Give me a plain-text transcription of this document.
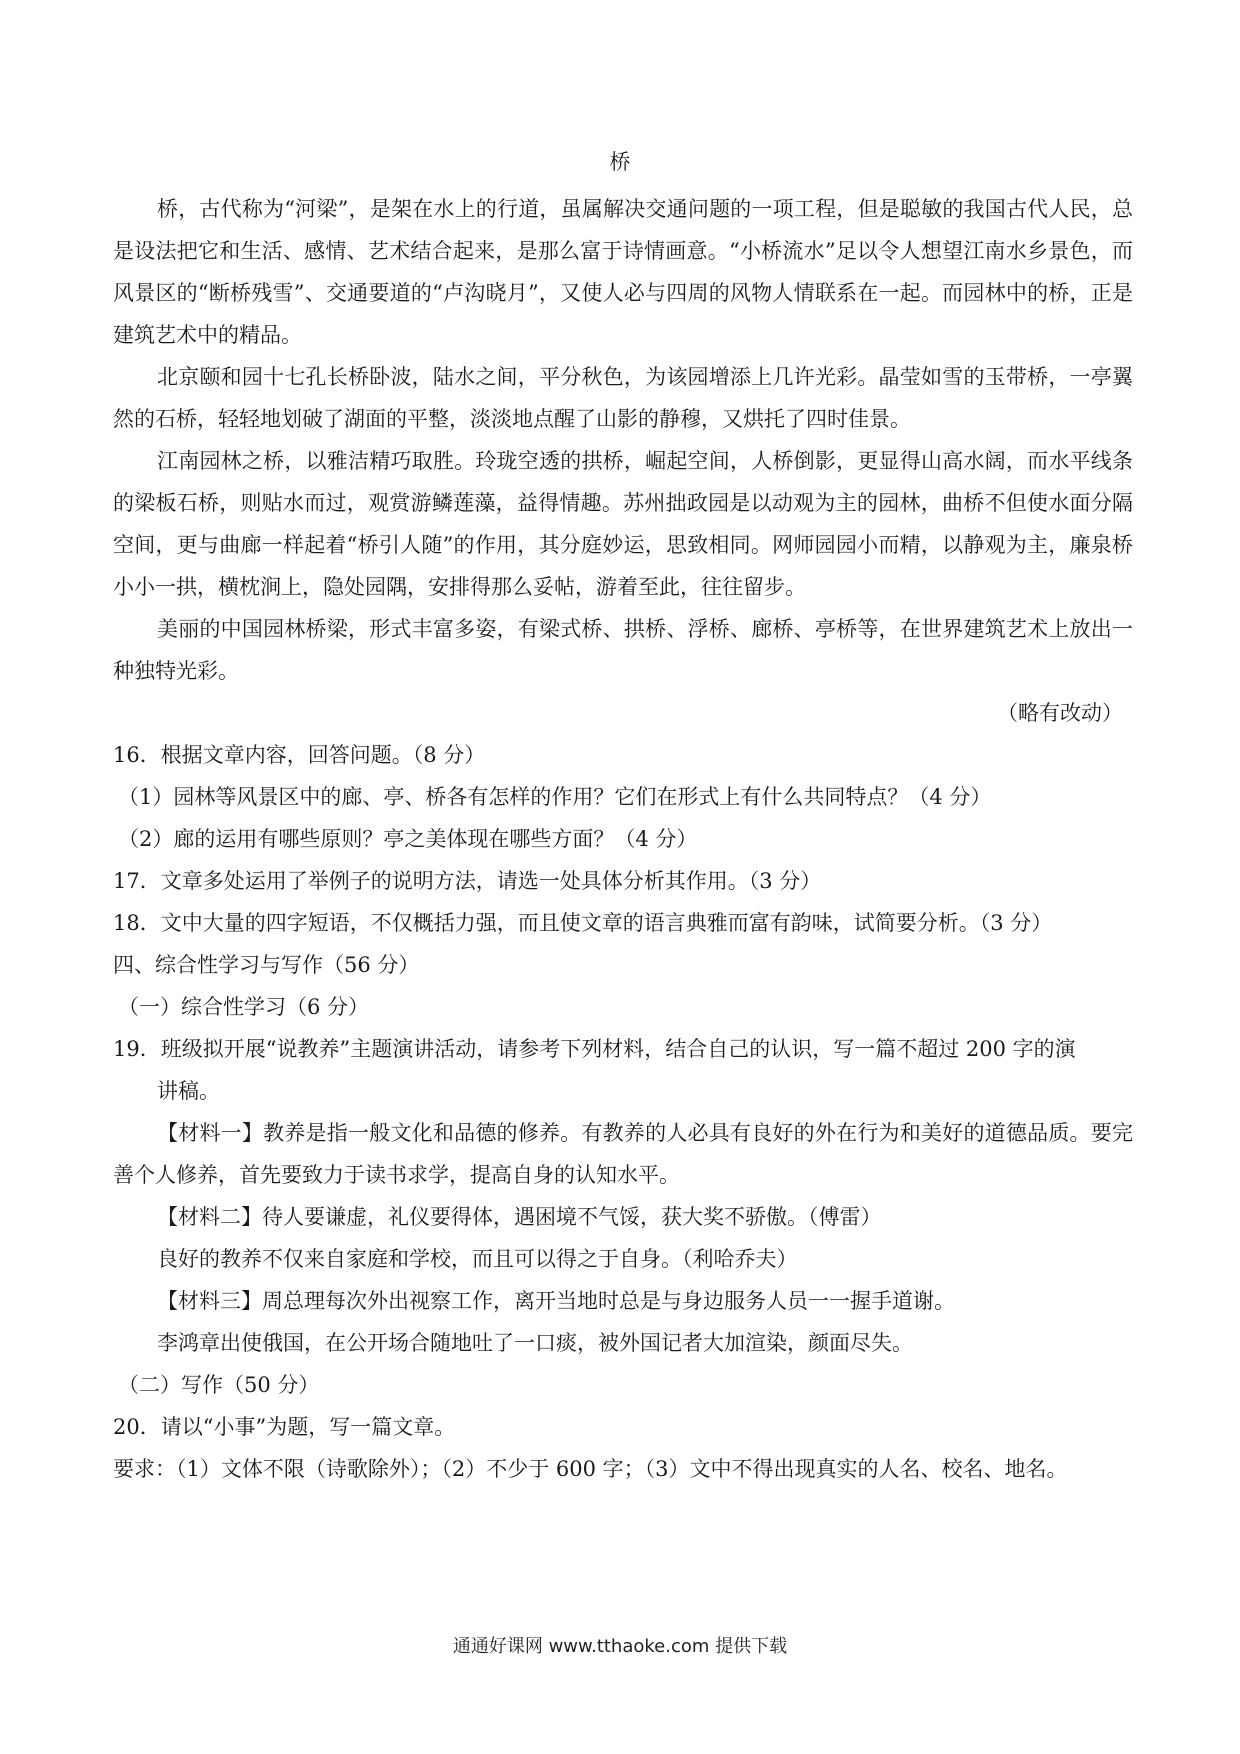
桥

桥，古代称为“河梁”，是架在水上的行道，虽属解决交通问题的一项工程，但是聪敏的我国古代人民，总是设法把它和生活、感情、艺术结合起来，是那么富于诗情画意。“小桥流水”足以令人想望江南水乡景色，而风景区的“断桥残雪”、交通要道的“卢沟晓月”，又使人必与四周的风物人情联系在一起。而园林中的桥，正是建筑艺术中的精品。

北京颐和园十七孔长桥卧波，陆水之间，平分秋色，为该园增添上几许光彩。晶莹如雪的玉带桥，一亭翼然的石桥，轻轻地划破了湖面的平整，淡淡地点醒了山影的静穆，又烘托了四时佳景。

江南园林之桥，以雅洁精巧取胜。玲珑空透的拱桥，崛起空间，人桥倒影，更显得山高水阔，而水平线条的梁板石桥，则贴水而过，观赏游鳞莲藻，益得情趣。苏州拙政园是以动观为主的园林，曲桥不但使水面分隔空间，更与曲廊一样起着“桥引人随”的作用，其分庭妙运，思致相同。网师园园小而精，以静观为主，廉泉桥小小一拱，横枕涧上，隐处园隅，安排得那么妥帖，游着至此，往往留步。

美丽的中国园林桥梁，形式丰富多姿，有梁式桥、拱桥、浮桥、廊桥、亭桥等，在世界建筑艺术上放出一种独特光彩。

（略有改动）
16．根据文章内容，回答问题。（8 分）
（1）园林等风景区中的廊、亭、桥各有怎样的作用？它们在形式上有什么共同特点？（4 分）
（2）廊的运用有哪些原则？亭之美体现在哪些方面？（4 分）
17．文章多处运用了举例子的说明方法，请选一处具体分析其作用。（3 分）
18．文中大量的四字短语，不仅概括力强，而且使文章的语言典雅而富有韵味，试简要分析。（3 分）
四、综合性学习与写作（56 分）
（一）综合性学习（6 分）
19．班级拟开展“说教养”主题演讲活动，请参考下列材料，结合自己的认识，写一篇不超过 200 字的演
讲稿。

【材料一】教养是指一般文化和品德的修养。有教养的人必具有良好的外在行为和美好的道德品质。要完善个人修养，首先要致力于读书求学，提高自身的认知水平。

【材料二】待人要谦虚，礼仪要得体，遇困境不气馁，获大奖不骄傲。（傅雷）
良好的教养不仅来自家庭和学校，而且可以得之于自身。（利哈乔夫）
【材料三】周总理每次外出视察工作，离开当地时总是与身边服务人员一一握手道谢。
李鸿章出使俄国，在公开场合随地吐了一口痰，被外国记者大加渲染，颜面尽失。
（二）写作（50 分）
20．请以“小事”为题，写一篇文章。
要求：（1）文体不限（诗歌除外）；（2）不少于 600 字；（3）文中不得出现真实的人名、校名、地名。
通通好课网 www.tthaoke.com 提供下载
